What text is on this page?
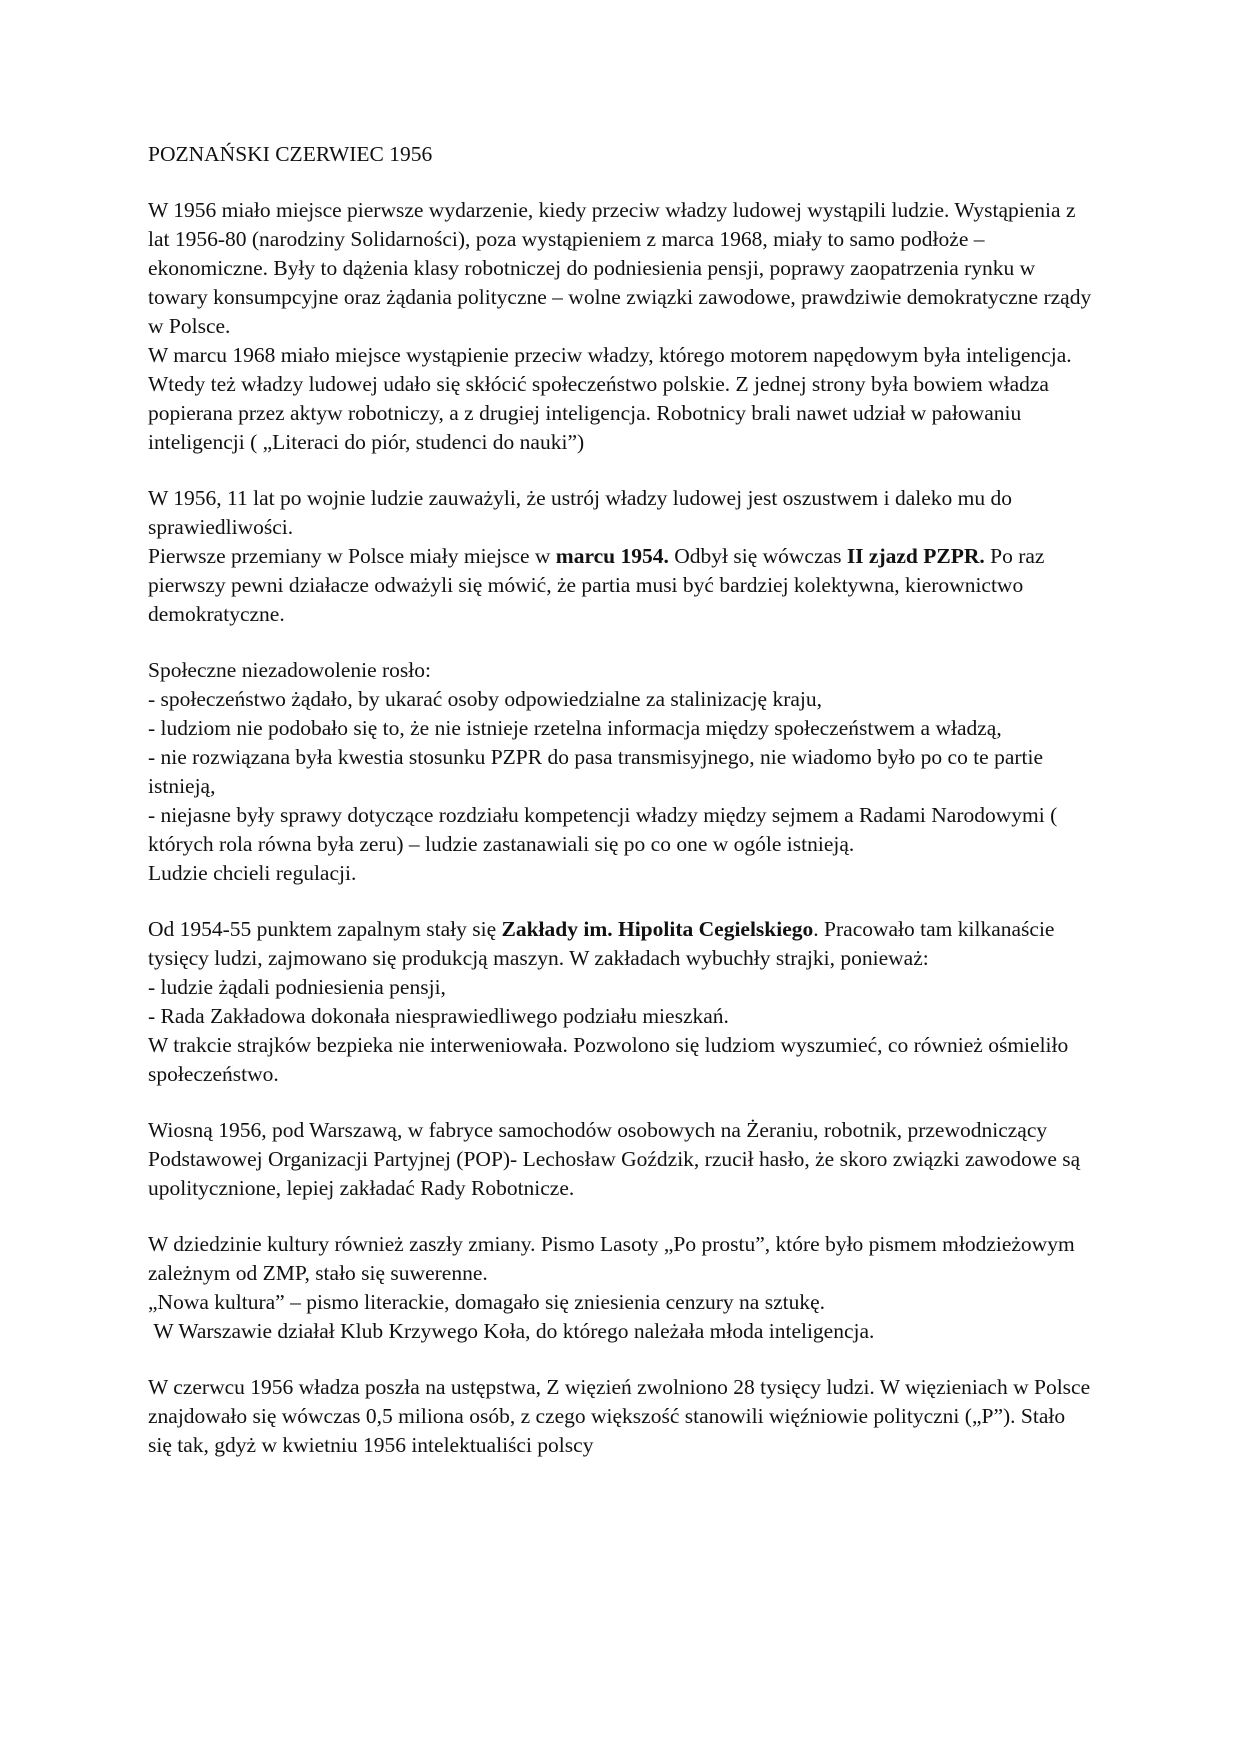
POZNAŃSKI CZERWIEC 1956

W 1956 miało miejsce pierwsze wydarzenie, kiedy przeciw władzy ludowej wystąpili ludzie. Wystąpienia z lat 1956-80 (narodziny Solidarności), poza wystąpieniem z marca 1968, miały to samo podłoże – ekonomiczne. Były to dążenia klasy robotniczej do podniesienia pensji, poprawy zaopatrzenia rynku w towary konsumpcyjne oraz żądania polityczne – wolne związki zawodowe, prawdziwie demokratyczne rządy w Polsce.

W marcu 1968 miało miejsce wystąpienie przeciw władzy, którego motorem napędowym była inteligencja. Wtedy też władzy ludowej udało się skłócić społeczeństwo polskie. Z jednej strony była bowiem władza popierana przez aktyw robotniczy, a z drugiej inteligencja. Robotnicy brali nawet udział w pałowaniu inteligencji ( „Literaci do piór, studenci do nauki”)

W 1956, 11 lat po wojnie ludzie zauważyli, że ustrój władzy ludowej jest oszustwem i daleko mu do sprawiedliwości.

Pierwsze przemiany w Polsce miały miejsce w marcu 1954. Odbył się wówczas II zjazd PZPR. Po raz pierwszy pewni działacze odważyli się mówić, że partia musi być bardziej kolektywna, kierownictwo demokratyczne.

Społeczne niezadowolenie rosło:
- społeczeństwo żądało, by ukarać osoby odpowiedzialne za stalinizację kraju,
- ludziom nie podobało się to, że nie istnieje rzetelna informacja między społeczeństwem a władzą,
- nie rozwiązana była kwestia stosunku PZPR do pasa transmisyjnego, nie wiadomo było po co te partie istnieją,
- niejasne były sprawy dotyczące rozdziału kompetencji władzy między sejmem a Radami Narodowymi ( których rola równa była zeru) – ludzie zastanawiali się po co one w ogóle istnieją.
Ludzie chcieli regulacji.
Od 1954-55 punktem zapalnym stały się Zakłady im. Hipolita Cegielskiego. Pracowało tam kilkanaście tysięcy ludzi, zajmowano się produkcją maszyn. W zakładach wybuchły strajki, ponieważ:
- ludzie żądali podniesienia pensji,
- Rada Zakładowa dokonała niesprawiedliwego podziału mieszkań.
W trakcie strajków bezpieka nie interweniowała. Pozwolono się ludziom wyszumieć, co również ośmieliło społeczeństwo.

Wiosną 1956, pod Warszawą, w fabryce samochodów osobowych na Żeraniu, robotnik, przewodniczący Podstawowej Organizacji Partyjnej (POP)- Lechosław Goździk, rzucił hasło, że skoro związki zawodowe są upolitycznione, lepiej zakładać Rady Robotnicze.

W dziedzinie kultury również zaszły zmiany. Pismo Lasoty „Po prostu”, które było pismem młodzieżowym zależnym od ZMP, stało się suwerenne.
„Nowa kultura” – pismo literackie, domagało się zniesienia cenzury na sztukę.
W Warszawie działał Klub Krzywego Koła, do którego należała młoda inteligencja.

W czerwcu 1956 władza poszła na ustępstwa, Z więzień zwolniono 28 tysięcy ludzi. W więzieniach w Polsce znajdowało się wówczas 0,5 miliona osób, z czego większość stanowili więźniowie polityczni („P”). Stało się tak, gdyż w kwietniu 1956 intelektualiści polscy
